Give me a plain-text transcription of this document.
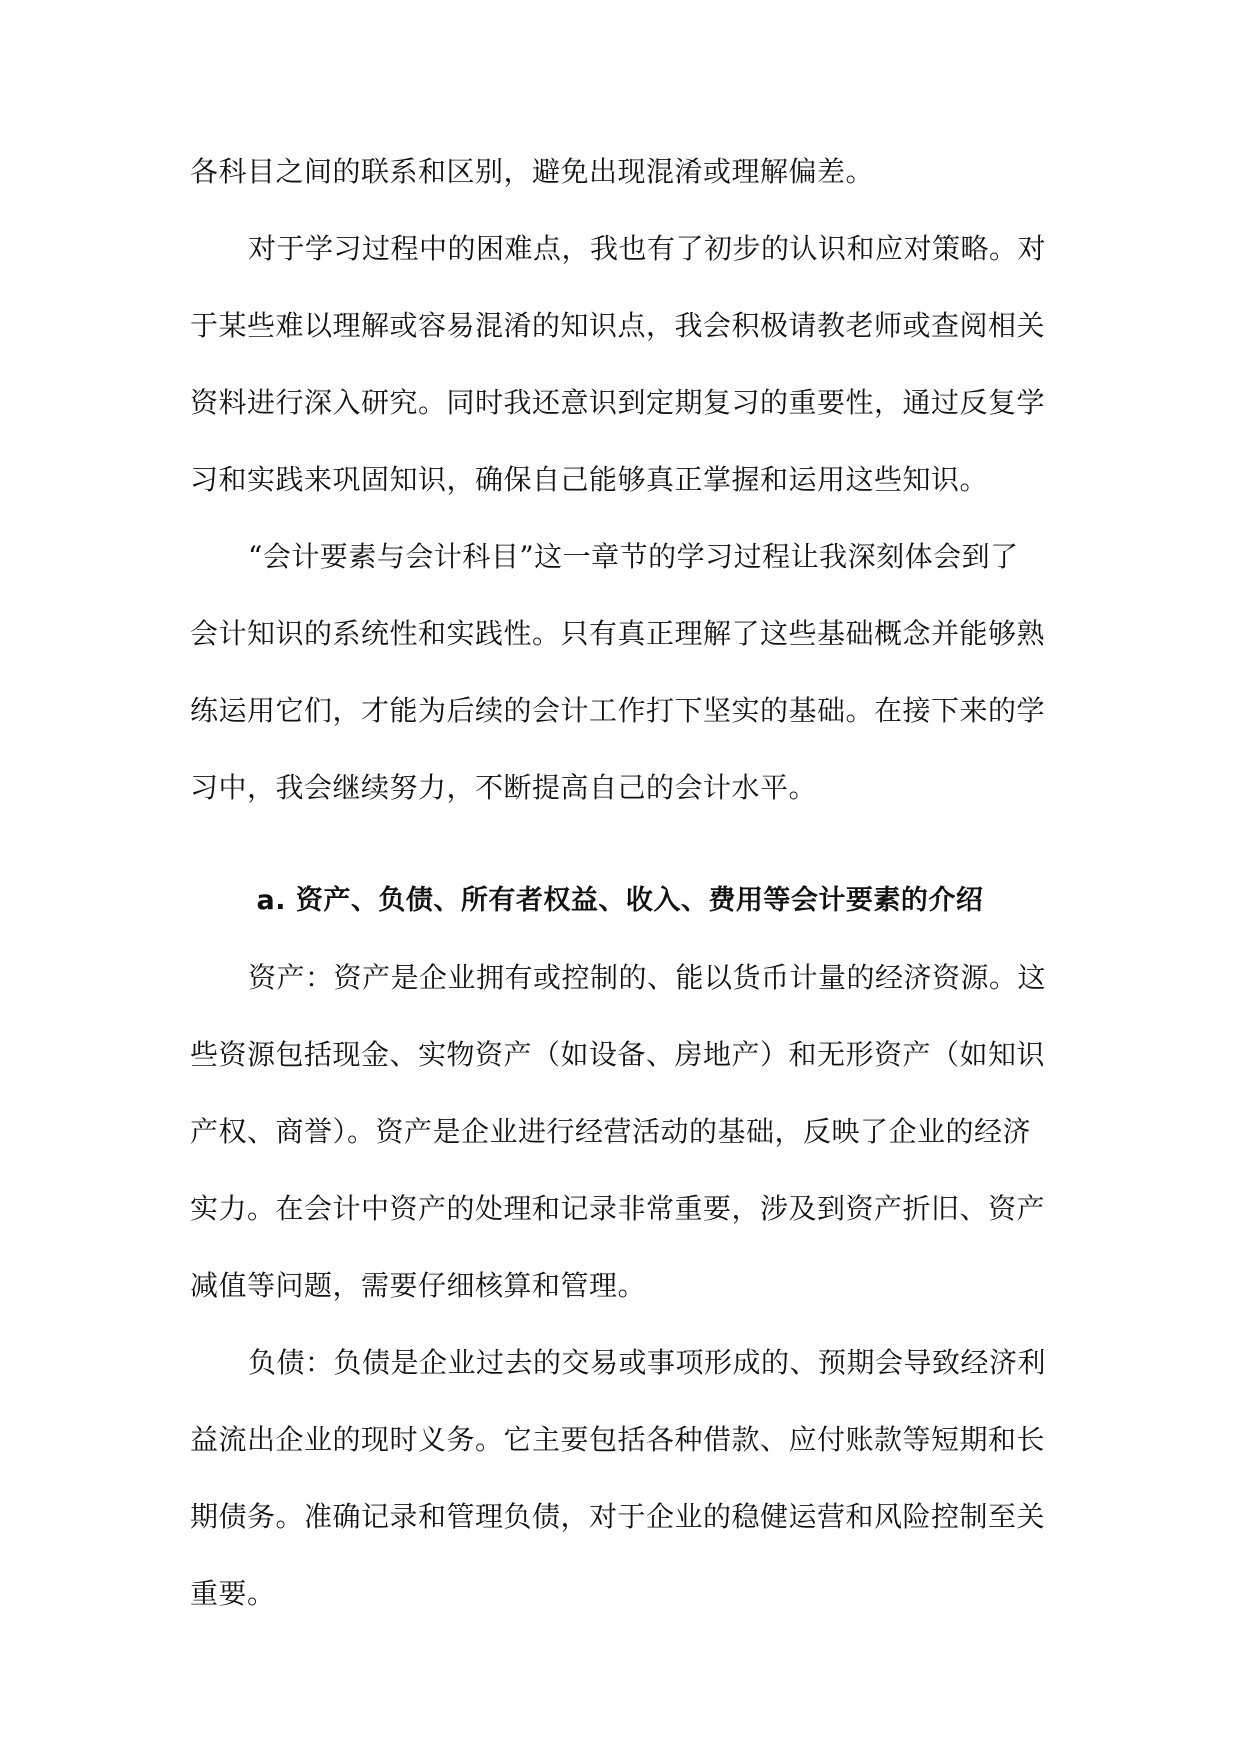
各科目之间的联系和区别，避免出现混淆或理解偏差。
对于学习过程中的困难点，我也有了初步的认识和应对策略。对
于某些难以理解或容易混淆的知识点，我会积极请教老师或查阅相关
资料进行深入研究。同时我还意识到定期复习的重要性，通过反复学
习和实践来巩固知识，确保自己能够真正掌握和运用这些知识。
“会计要素与会计科目”这一章节的学习过程让我深刻体会到了
会计知识的系统性和实践性。只有真正理解了这些基础概念并能够熟
练运用它们，才能为后续的会计工作打下坚实的基础。在接下来的学
习中，我会继续努力，不断提高自己的会计水平。
a. 资产、负债、所有者权益、收入、费用等会计要素的介绍
资产：资产是企业拥有或控制的、能以货币计量的经济资源。这
些资源包括现金、实物资产（如设备、房地产）和无形资产（如知识
产权、商誉）。资产是企业进行经营活动的基础，反映了企业的经济
实力。在会计中资产的处理和记录非常重要，涉及到资产折旧、资产
减值等问题，需要仔细核算和管理。
负债：负债是企业过去的交易或事项形成的、预期会导致经济利
益流出企业的现时义务。它主要包括各种借款、应付账款等短期和长
期债务。准确记录和管理负债，对于企业的稳健运营和风险控制至关
重要。
